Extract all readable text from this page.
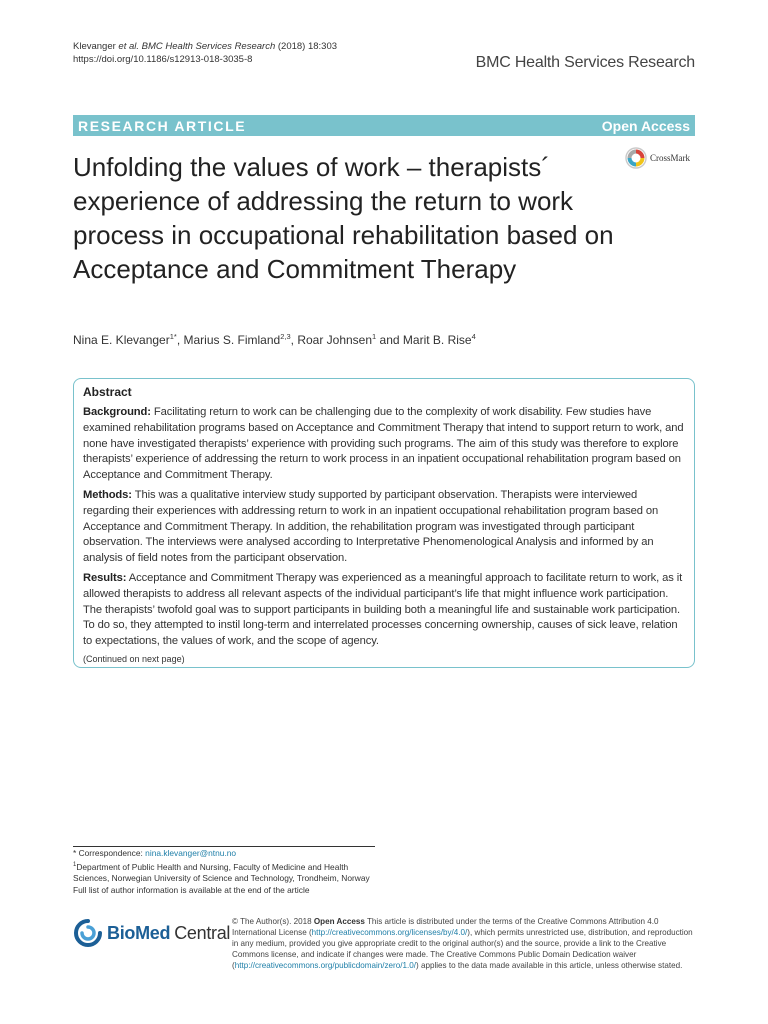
Klevanger et al. BMC Health Services Research (2018) 18:303
https://doi.org/10.1186/s12913-018-3035-8	BMC Health Services Research
RESEARCH ARTICLE	Open Access
CrossMark
Unfolding the values of work – therapists´ experience of addressing the return to work process in occupational rehabilitation based on Acceptance and Commitment Therapy
Nina E. Klevanger$^{1*}$, Marius S. Fimland$^{2,3}$, Roar Johnsen$^1$ and Marit B. Rise$^4$
Abstract

Background: Facilitating return to work can be challenging due to the complexity of work disability. Few studies have examined rehabilitation programs based on Acceptance and Commitment Therapy that intend to support return to work, and none have investigated therapists’ experience with providing such programs. The aim of this study was therefore to explore therapists’ experience of addressing the return to work process in an inpatient occupational rehabilitation program based on Acceptance and Commitment Therapy.

Methods: This was a qualitative interview study supported by participant observation. Therapists were interviewed regarding their experiences with addressing return to work in an inpatient occupational rehabilitation program based on Acceptance and Commitment Therapy. In addition, the rehabilitation program was investigated through participant observation. The interviews were analysed according to Interpretative Phenomenological Analysis and informed by an analysis of field notes from the participant observation.

Results: Acceptance and Commitment Therapy was experienced as a meaningful approach to facilitate return to work, as it allowed therapists to address all relevant aspects of the individual participant’s life that might influence work participation. The therapists’ twofold goal was to support participants in building both a meaningful life and sustainable work participation. To do so, they attempted to instil long-term and interrelated processes concerning ownership, causes of sick leave, relation to expectations, the values of work, and the scope of agency.

(Continued on next page)
* Correspondence: nina.klevanger@ntnu.no
$^1$Department of Public Health and Nursing, Faculty of Medicine and Health Sciences, Norwegian University of Science and Technology, Trondheim, Norway
Full list of author information is available at the end of the article
BioMed Central
© The Author(s). 2018 Open Access This article is distributed under the terms of the Creative Commons Attribution 4.0 International License (http://creativecommons.org/licenses/by/4.0/), which permits unrestricted use, distribution, and reproduction in any medium, provided you give appropriate credit to the original author(s) and the source, provide a link to the Creative Commons license, and indicate if changes were made. The Creative Commons Public Domain Dedication waiver (http://creativecommons.org/publicdomain/zero/1.0/) applies to the data made available in this article, unless otherwise stated.
